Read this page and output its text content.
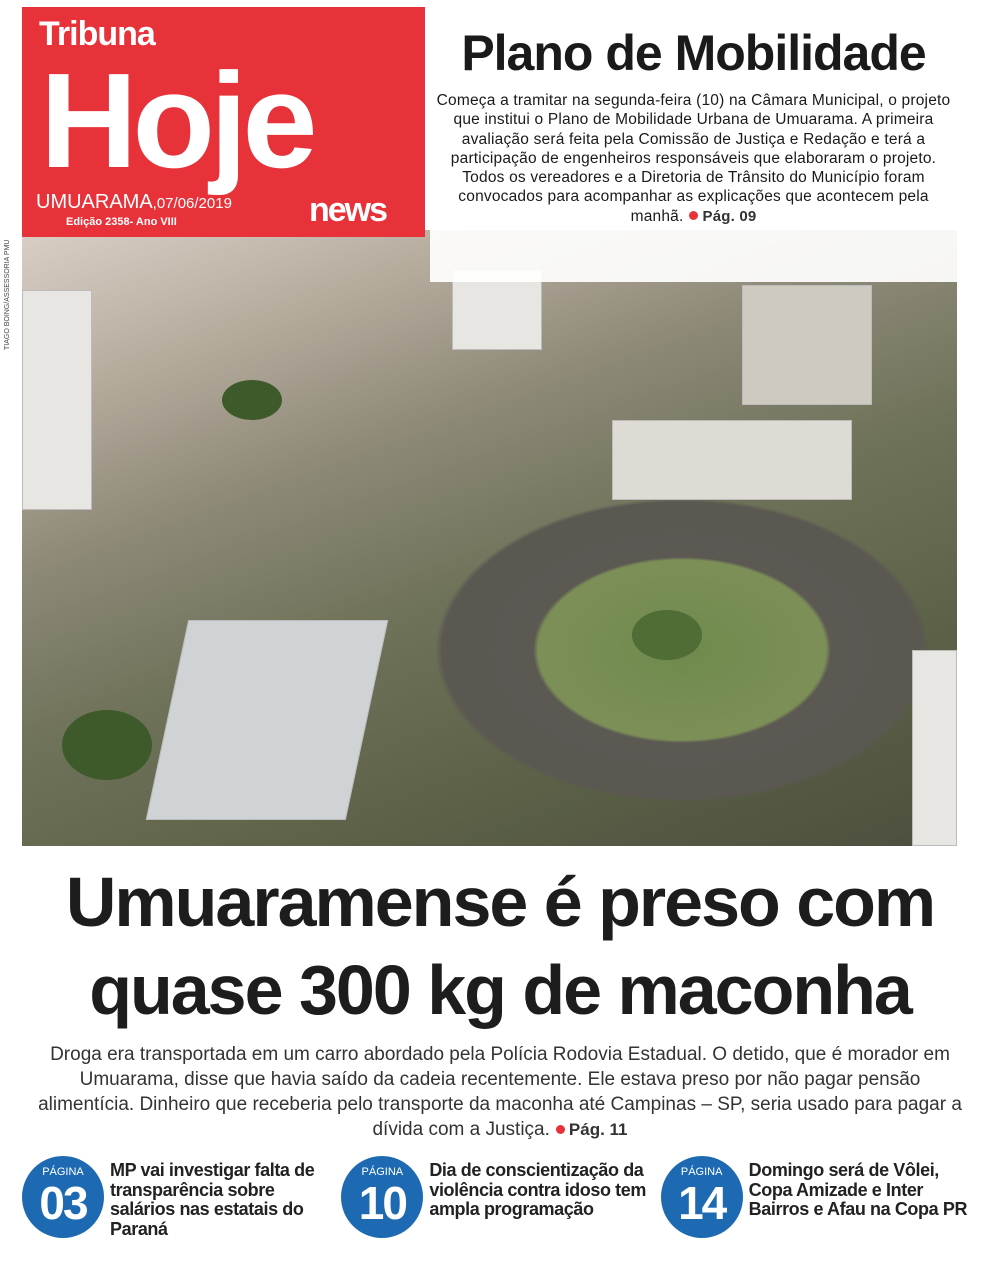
TIAGO BOING/ASSESSORIA PMU
Tribuna
Hoje
UMUARAMA,07/06/2019
Edição 2358- Ano VIII	news
Plano de Mobilidade
Começa a tramitar na segunda-feira (10) na Câmara Municipal, o projeto que institui o Plano de Mobilidade Urbana de Umuarama. A primeira avaliação será feita pela Comissão de Justiça e Redação e terá a participação de engenheiros responsáveis que elaboraram o projeto. Todos os vereadores e a Diretoria de Trânsito do Município foram convocados para acompanhar as explicações que acontecem pela manhã. Pág. 09
Umuaramense é preso com
quase 300 kg de maconha
Droga era transportada em um carro abordado pela Polícia Rodovia Estadual. O detido, que é morador em Umuarama, disse que havia saído da cadeia recentemente. Ele estava preso por não pagar pensão alimentícia. Dinheiro que receberia pelo transporte da maconha até Campinas – SP, seria usado para pagar a dívida com a Justiça. Pág. 11
PÁGINA
03
MP vai investigar falta de transparência sobre salários nas estatais do Paraná
PÁGINA
10
Dia de conscientização da violência contra idoso tem ampla programação
PÁGINA
14
Domingo será de Vôlei, Copa Amizade e Inter Bairros e Afau na Copa PR
